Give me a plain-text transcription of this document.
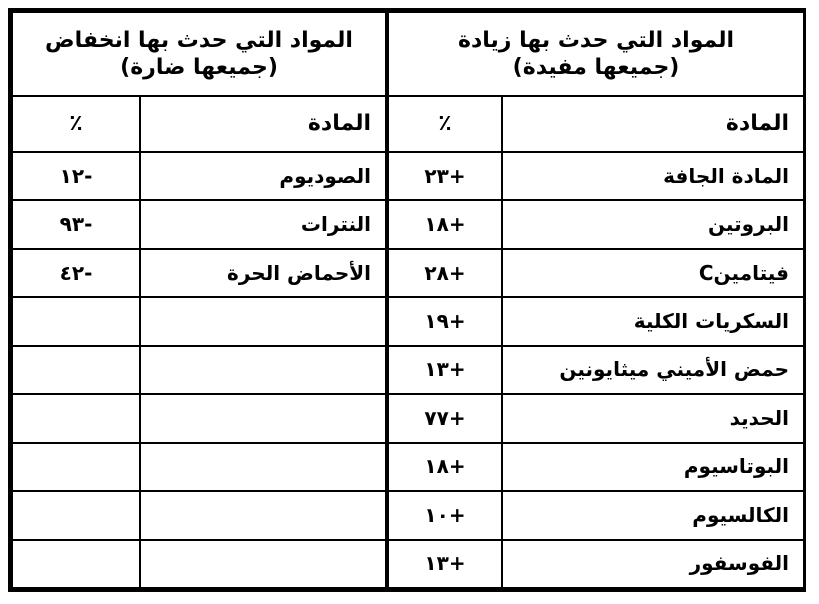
المواد التي حدث بها زيادة
(جميعها مفيدة)		المواد التي حدث بها انخفاض
(جميعها ضارة)	

المادة	٪	المادة	٪
المادة الجافة	+٢٣	الصوديوم	-١٢
البروتين	+١٨	النترات	-٩٣
فيتامينC	+٢٨	الأحماض الحرة	-٤٢
السكريات الكلية	+١٩		
حمض الأميني ميثايونين	+١٣		
الحديد	+٧٧		
البوتاسيوم	+١٨		
الكالسيوم	+١٠		
الفوسفور	+١٣		
